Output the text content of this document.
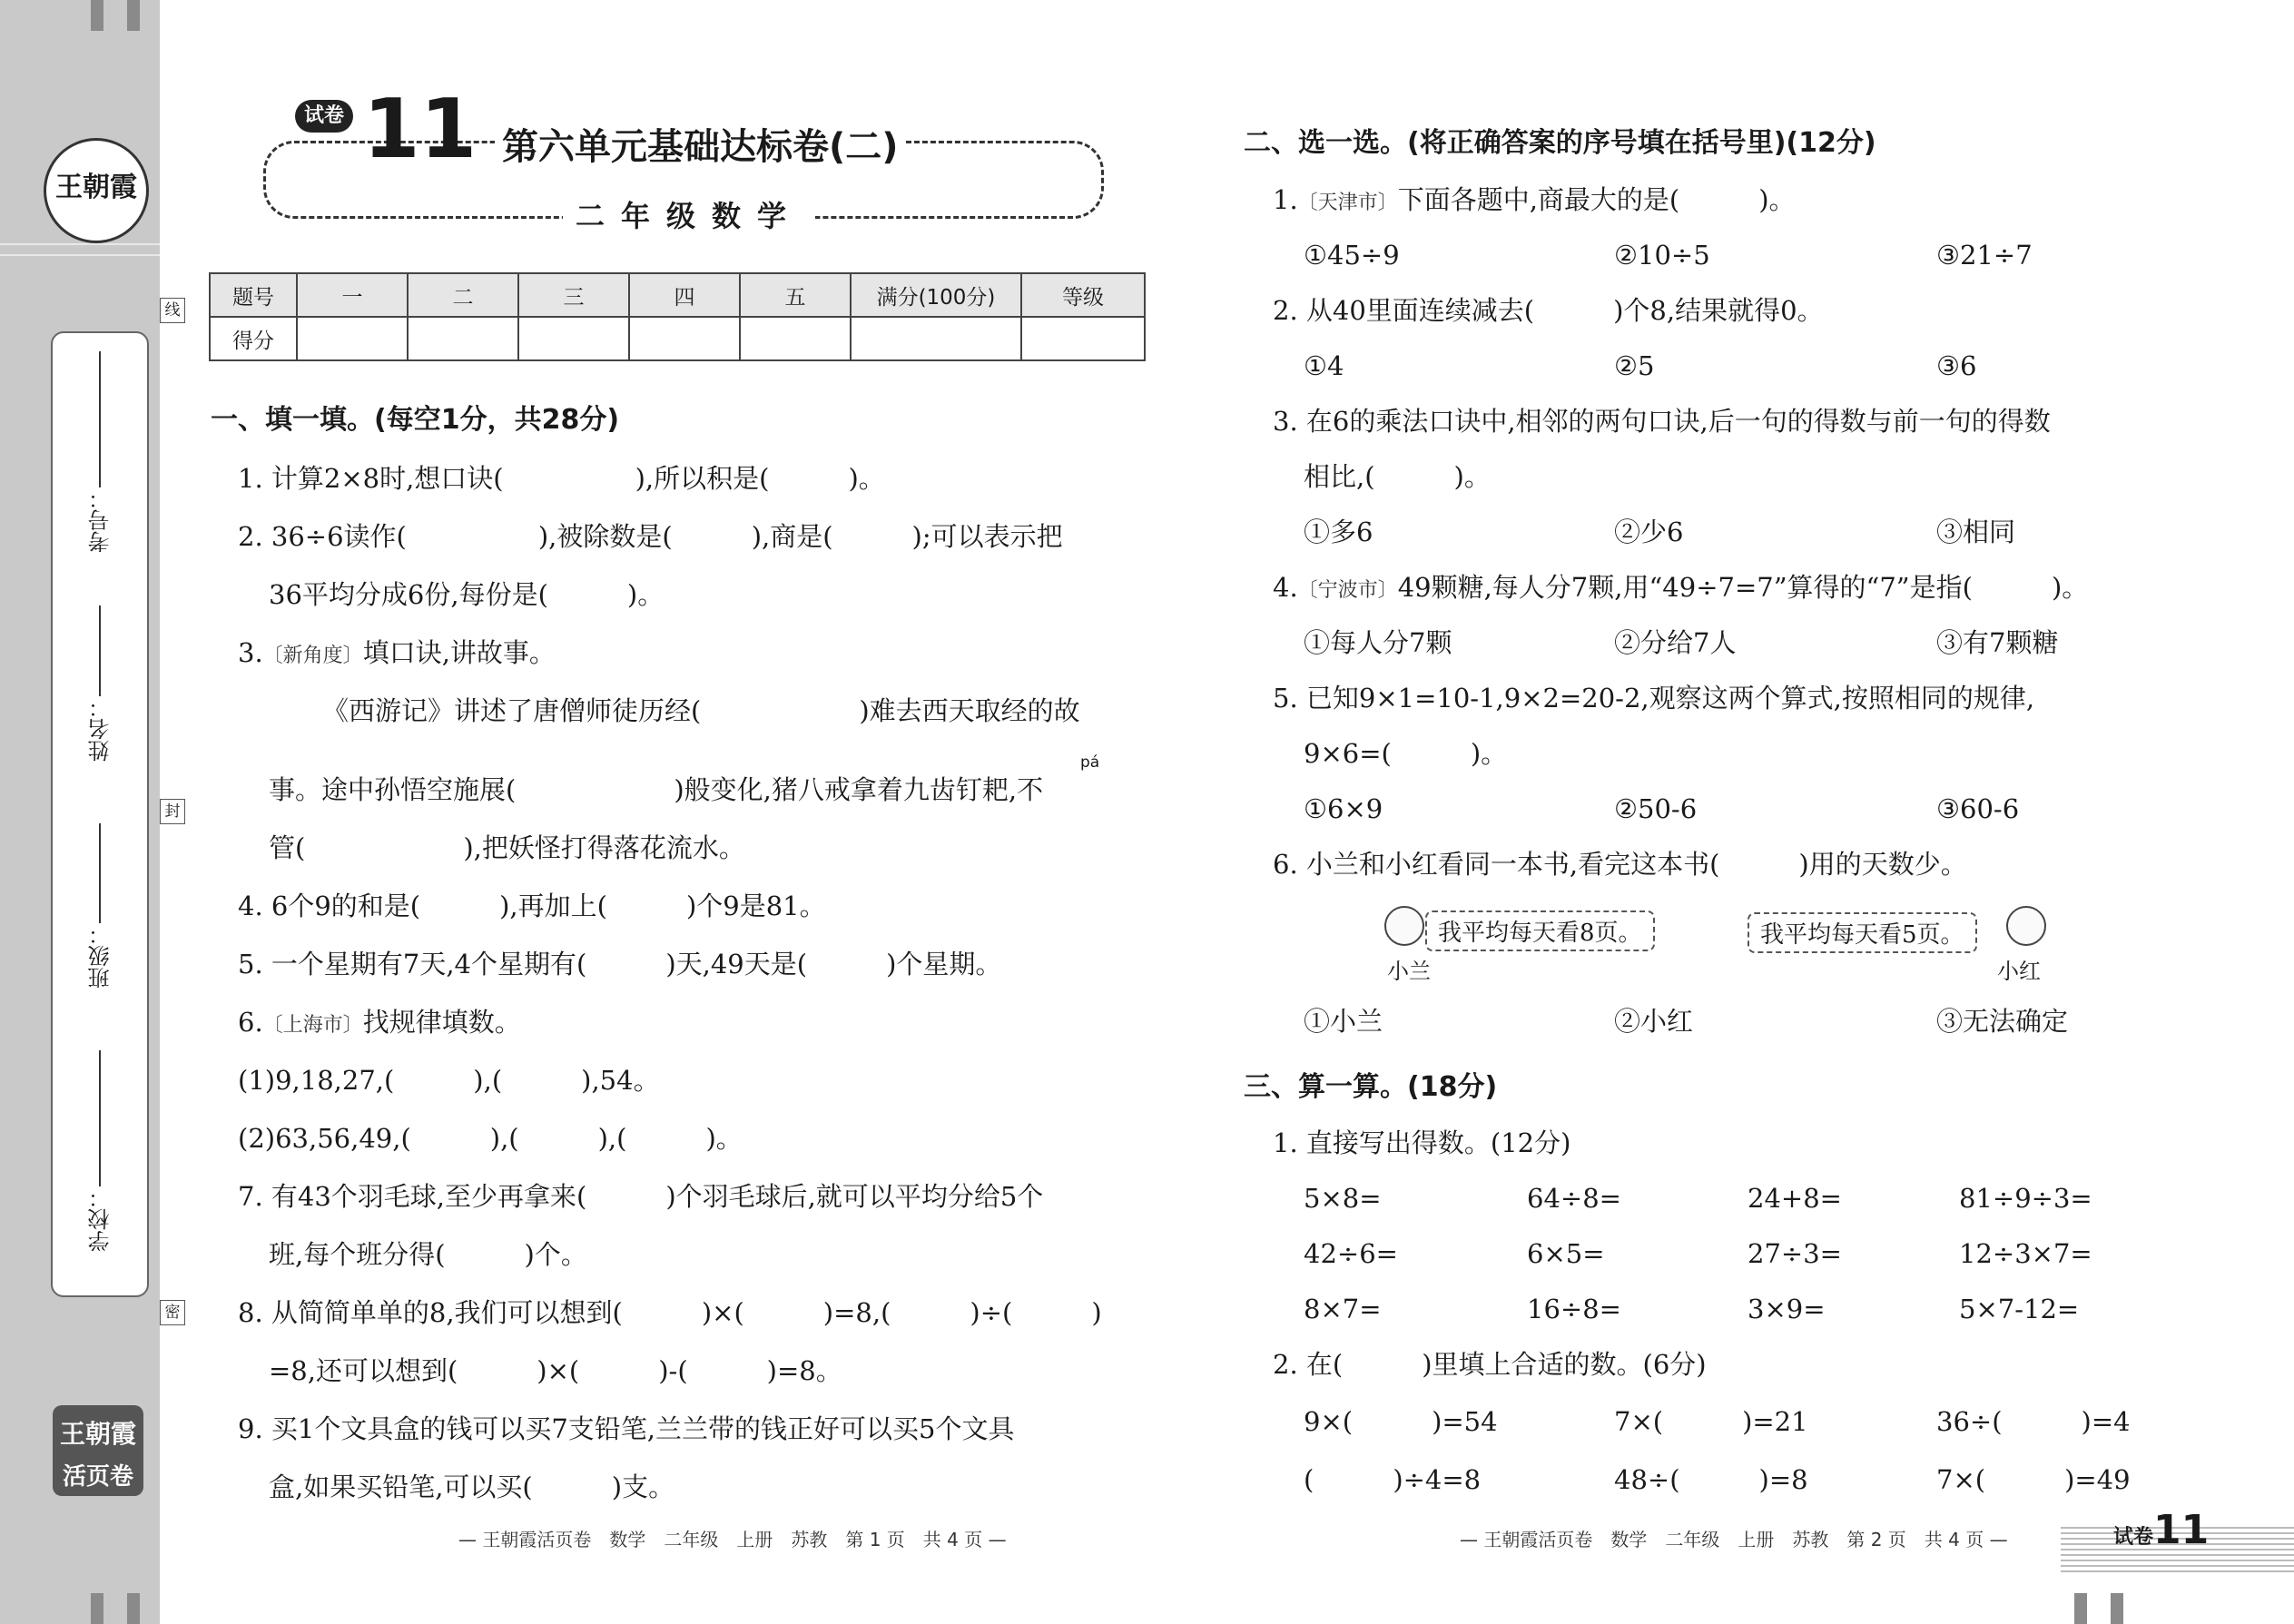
王朝霞
考号：
姓名：
班级：
学校：
王朝霞
活页卷
线
封
密
试卷 11 第六单元基础达标卷(二)
二年级数学
题号	一	二	三	四	五	满分(100分)	等级
得分							
一、填一填。(每空1分，共28分)
1. 计算2×8时,想口诀(　　　　　),所以积是(　　　)。
2. 36÷6读作(　　　　　),被除数是(　　　),商是(　　　);可以表示把
36平均分成6份,每份是(　　　)。
3.〔新角度〕填口诀,讲故事。
《西游记》讲述了唐僧师徒历经(　　　　　　)难去西天取经的故
pá
事。途中孙悟空施展(　　　　　　)般变化,猪八戒拿着九齿钉耙,不
管(　　　　　　),把妖怪打得落花流水。
4. 6个9的和是(　　　),再加上(　　　)个9是81。
5. 一个星期有7天,4个星期有(　　　)天,49天是(　　　)个星期。
6.〔上海市〕找规律填数。
(1)9,18,27,(　　　),(　　　),54。
(2)63,56,49,(　　　),(　　　),(　　　)。
7. 有43个羽毛球,至少再拿来(　　　)个羽毛球后,就可以平均分给5个
班,每个班分得(　　　)个。
8. 从简简单单的8,我们可以想到(　　　)×(　　　)=8,(　　　)÷(　　　)
=8,还可以想到(　　　)×(　　　)-(　　　)=8。
9. 买1个文具盒的钱可以买7支铅笔,兰兰带的钱正好可以买5个文具
盒,如果买铅笔,可以买(　　　)支。
— 王朝霞活页卷　数学　二年级　上册　苏教　第 1 页　共 4 页 —
二、选一选。(将正确答案的序号填在括号里)(12分)
1.〔天津市〕下面各题中,商最大的是(　　　)。
①45÷9	②10÷5	③21÷7
2. 从40里面连续减去(　　　)个8,结果就得0。
①4	②5	③6
3. 在6的乘法口诀中,相邻的两句口诀,后一句的得数与前一句的得数
相比,(　　　)。
①多6	②少6	③相同
4.〔宁波市〕49颗糖,每人分7颗,用“49÷7=7”算得的“7”是指(　　　)。
①每人分7颗	②分给7人	③有7颗糖
5. 已知9×1=10-1,9×2=20-2,观察这两个算式,按照相同的规律,
9×6=(　　　)。
①6×9	②50-6	③60-6
6. 小兰和小红看同一本书,看完这本书(　　　)用的天数少。
我平均每天看8页。
小兰
我平均每天看5页。
小红
①小兰	②小红	③无法确定
三、算一算。(18分)
1. 直接写出得数。(12分)
5×8=	64÷8=	24+8=	81÷9÷3=
42÷6=	6×5=	27÷3=	12÷3×7=
8×7=	16÷8=	3×9=	5×7-12=
2. 在(　　　)里填上合适的数。(6分)
9×(　　　)=54	7×(　　　)=21	36÷(　　　)=4
(　　　)÷4=8	48÷(　　　)=8	7×(　　　)=49
— 王朝霞活页卷　数学　二年级　上册　苏教　第 2 页　共 4 页 —	试卷11
